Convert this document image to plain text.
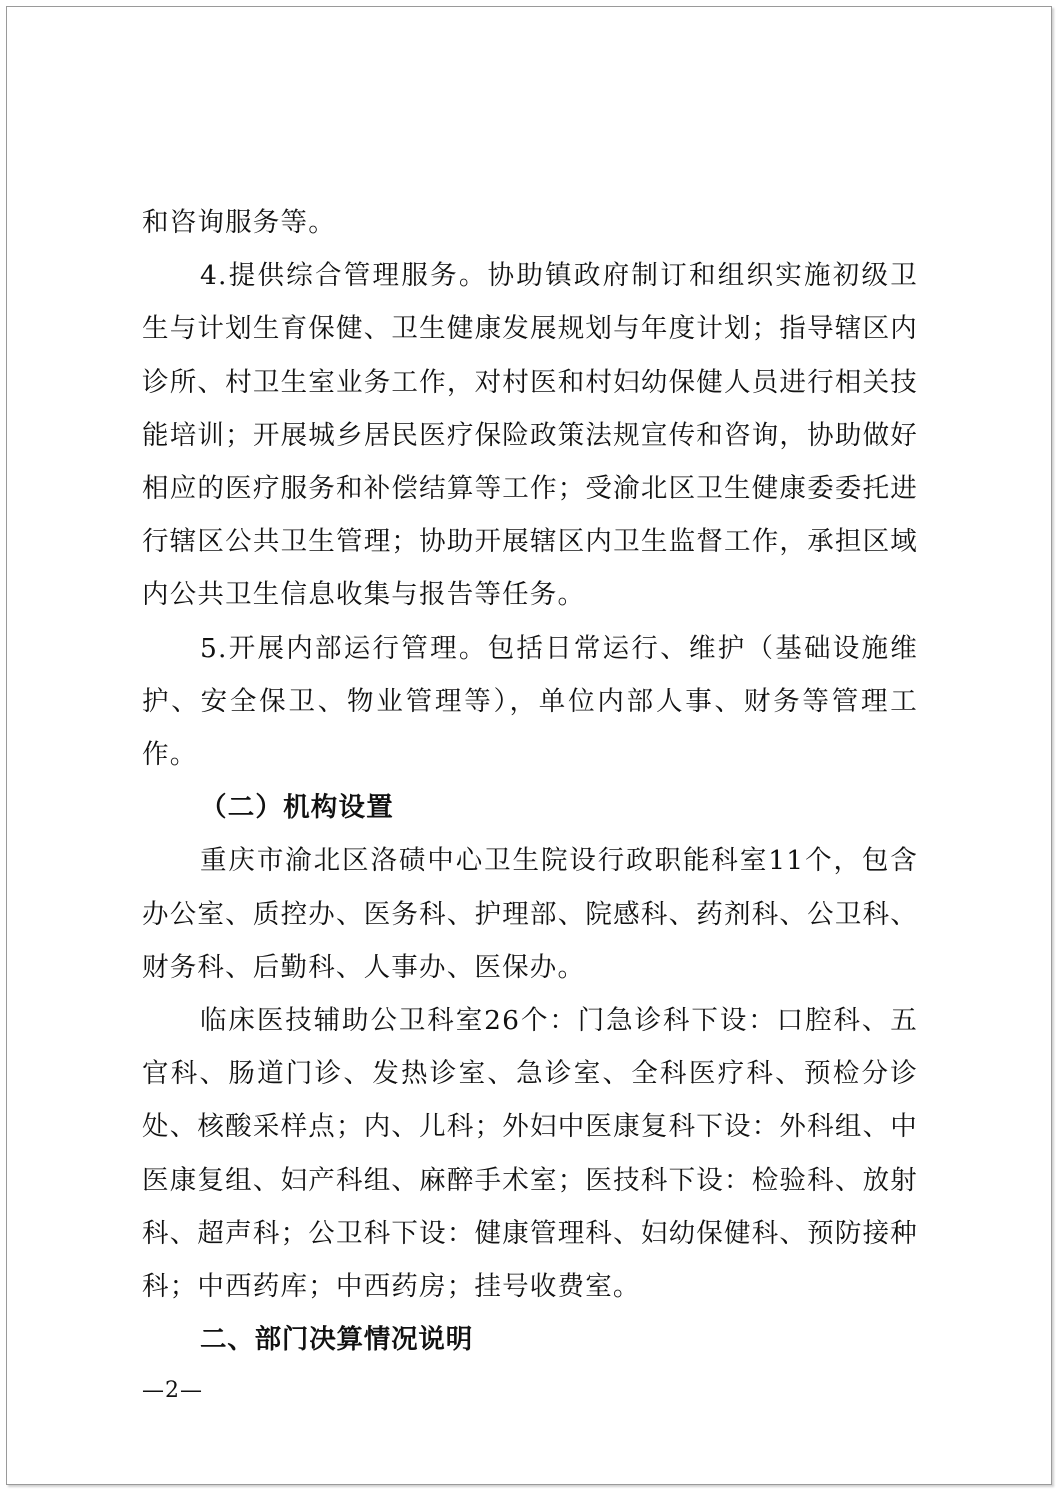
和咨询服务等。

4.提供综合管理服务。协助镇政府制订和组织实施初级卫生与计划生育保健、卫生健康发展规划与年度计划；指导辖区内诊所、村卫生室业务工作，对村医和村妇幼保健人员进行相关技能培训；开展城乡居民医疗保险政策法规宣传和咨询，协助做好相应的医疗服务和补偿结算等工作；受渝北区卫生健康委委托进行辖区公共卫生管理；协助开展辖区内卫生监督工作，承担区域内公共卫生信息收集与报告等任务。

5.开展内部运行管理。包括日常运行、维护（基础设施维护、安全保卫、物业管理等），单位内部人事、财务等管理工作。

（二）机构设置

重庆市渝北区洛碛中心卫生院设行政职能科室11个，包含办公室、质控办、医务科、护理部、院感科、药剂科、公卫科、财务科、后勤科、人事办、医保办。

临床医技辅助公卫科室26个：门急诊科下设：口腔科、五官科、肠道门诊、发热诊室、急诊室、全科医疗科、预检分诊处、核酸采样点；内、儿科；外妇中医康复科下设：外科组、中医康复组、妇产科组、麻醉手术室；医技科下设：检验科、放射科、超声科；公卫科下设：健康管理科、妇幼保健科、预防接种科；中西药库；中西药房；挂号收费室。

二、部门决算情况说明

—2—
